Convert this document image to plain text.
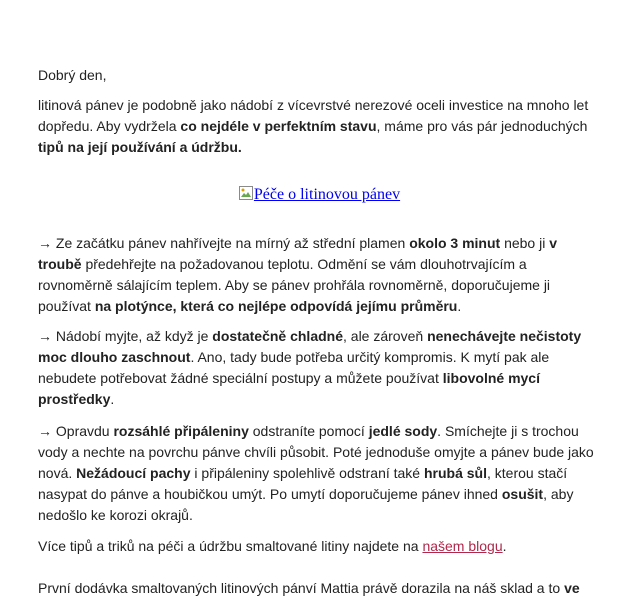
Dobrý den,

litinová pánev je podobně jako nádobí z vícevrstvé nerezové oceli investice na mnoho let dopředu. Aby vydržela co nejdéle v perfektním stavu, máme pro vás pár jednoduchých tipů na její používání a údržbu.

Péče o litinovou pánev

→ Ze začátku pánev nahřívejte na mírný až střední plamen okolo 3 minut nebo ji v troubě předehřejte na požadovanou teplotu. Odmění se vám dlouhotrvajícím a rovnoměrně sálajícím teplem. Aby se pánev prohřála rovnoměrně, doporučujeme ji používat na plotýnce, která co nejlépe odpovídá jejímu průměru.

→ Nádobí myjte, až když je dostatečně chladné, ale zároveň nenechávejte nečistoty moc dlouho zaschnout. Ano, tady bude potřeba určitý kompromis. K mytí pak ale nebudete potřebovat žádné speciální postupy a můžete používat libovolné mycí prostředky.

→ Opravdu rozsáhlé připáleniny odstraníte pomocí jedlé sody. Smíchejte ji s trochou vody a nechte na povrchu pánve chvíli působit. Poté jednoduše omyjte a pánev bude jako nová. Nežádoucí pachy i připáleniny spolehlivě odstraní také hrubá sůl, kterou stačí nasypat do pánve a houbičkou umýt. Po umytí doporučujeme pánev ihned osušit, aby nedošlo ke korozi okrajů.

Více tipů a triků na péči a údržbu smaltované litiny najdete na našem blogu.

První dodávka smaltovaných litinových pánví Mattia právě dorazila na náš sklad a to ve
